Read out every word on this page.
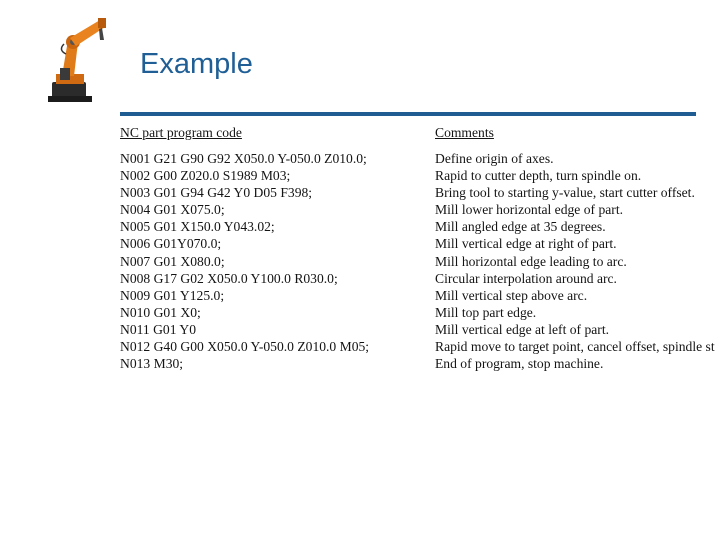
Example
NC part program code	Comments
N001 G21 G90 G92 X050.0 Y-050.0 Z010.0;	Define origin of axes.
N002 G00 Z020.0 S1989 M03;	Rapid to cutter depth, turn spindle on.
N003 G01 G94 G42 Y0 D05 F398;	Bring tool to starting y-value, start cutter offset.
N004 G01 X075.0;	Mill lower horizontal edge of part.
N005 G01 X150.0 Y043.02;	Mill angled edge at 35 degrees.
N006 G01Y070.0;	Mill vertical edge at right of part.
N007 G01 X080.0;	Mill horizontal edge leading to arc.
N008 G17 G02 X050.0 Y100.0 R030.0;	Circular interpolation around arc.
N009 G01 Y125.0;	Mill vertical step above arc.
N010 G01 X0;	Mill top part edge.
N011 G01 Y0	Mill vertical edge at left of part.
N012 G40 G00 X050.0 Y-050.0 Z010.0 M05;	Rapid move to target point, cancel offset, spindle st
N013 M30;	End of program, stop machine.
